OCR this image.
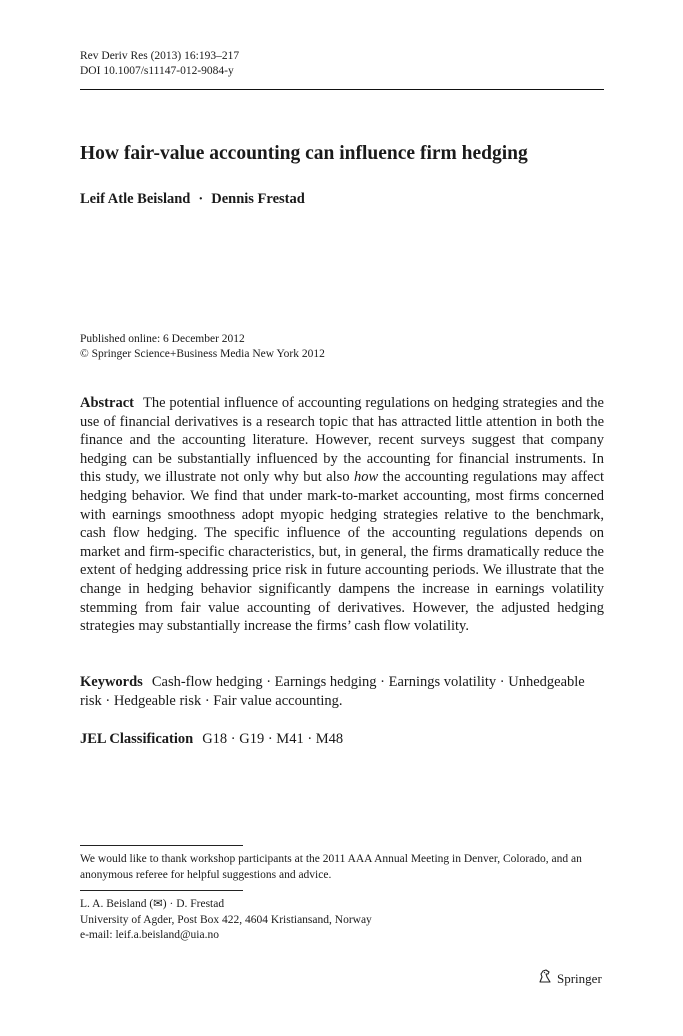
Rev Deriv Res (2013) 16:193–217
DOI 10.1007/s11147-012-9084-y
How fair-value accounting can influence firm hedging
Leif Atle Beisland · Dennis Frestad
Published online: 6 December 2012
© Springer Science+Business Media New York 2012
Abstract The potential influence of accounting regulations on hedging strategies and the use of financial derivatives is a research topic that has attracted little attention in both the finance and the accounting literature. However, recent surveys suggest that company hedging can be substantially influenced by the accounting for financial instruments. In this study, we illustrate not only why but also how the accounting regulations may affect hedging behavior. We find that under mark-to-market accounting, most firms concerned with earnings smoothness adopt myopic hedging strategies relative to the benchmark, cash flow hedging. The specific influence of the accounting regulations depends on market and firm-specific characteristics, but, in general, the firms dramatically reduce the extent of hedging addressing price risk in future accounting periods. We illustrate that the change in hedging behavior significantly dampens the increase in earnings volatility stemming from fair value accounting of derivatives. However, the adjusted hedging strategies may substantially increase the firms’ cash flow volatility.
Keywords Cash-flow hedging · Earnings hedging · Earnings volatility · Unhedgeable risk · Hedgeable risk · Fair value accounting.
JEL Classification G18 · G19 · M41 · M48
We would like to thank workshop participants at the 2011 AAA Annual Meeting in Denver, Colorado, and an anonymous referee for helpful suggestions and advice.
L. A. Beisland (✉) · D. Frestad
University of Agder, Post Box 422, 4604 Kristiansand, Norway
e-mail: leif.a.beisland@uia.no
Springer
